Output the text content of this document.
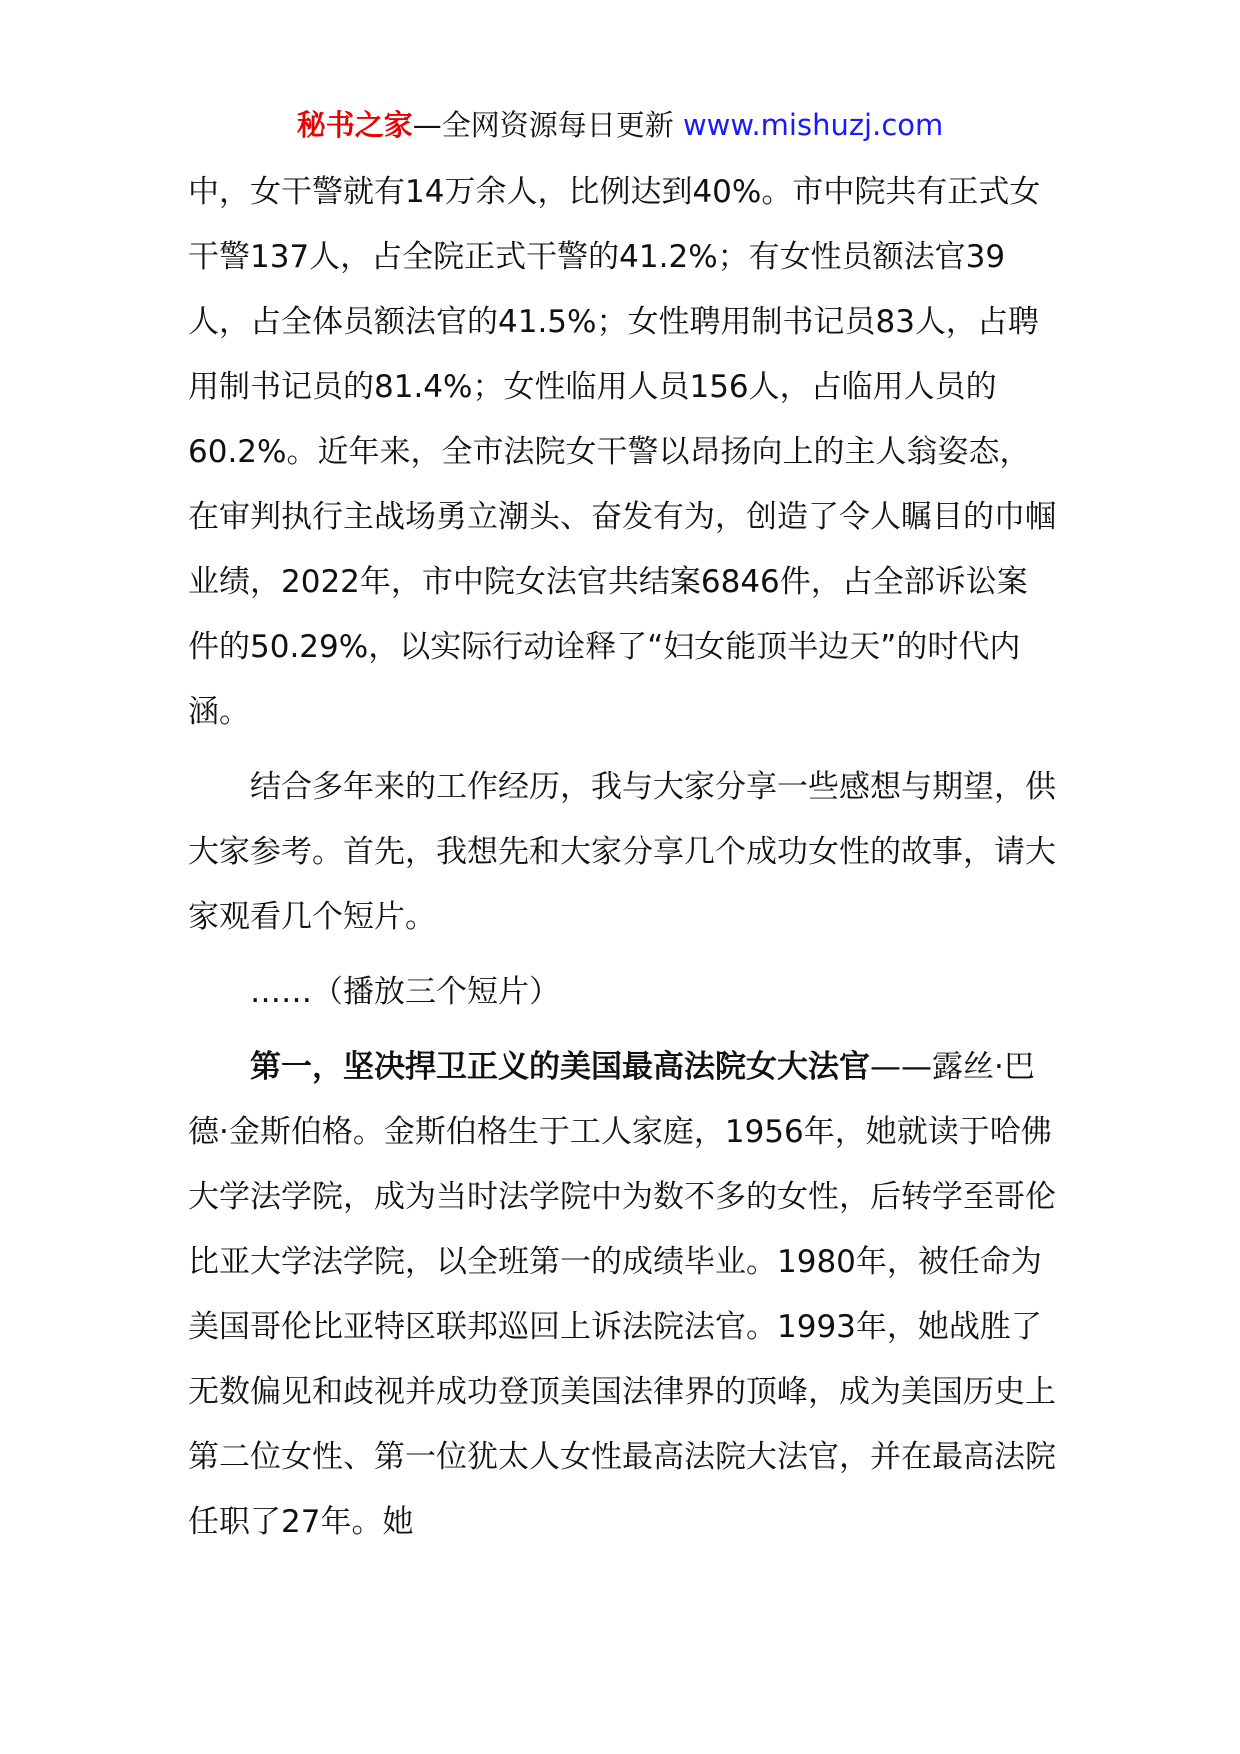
秘书之家—全网资源每日更新 www.mishuzj.com

中，女干警就有14万余人，比例达到40%。市中院共有正式女干警137人，占全院正式干警的41.2%；有女性员额法官39人，占全体员额法官的41.5%；女性聘用制书记员83人，占聘用制书记员的81.4%；女性临用人员156人，占临用人员的60.2%。近年来，全市法院女干警以昂扬向上的主人翁姿态，在审判执行主战场勇立潮头、奋发有为，创造了令人瞩目的巾帼业绩，2022年，市中院女法官共结案6846件，占全部诉讼案件的50.29%，以实际行动诠释了“妇女能顶半边天”的时代内涵。

结合多年来的工作经历，我与大家分享一些感想与期望，供大家参考。首先，我想先和大家分享几个成功女性的故事，请大家观看几个短片。

……（播放三个短片）

第一，坚决捍卫正义的美国最高法院女大法官——露丝·巴德·金斯伯格。金斯伯格生于工人家庭，1956年，她就读于哈佛大学法学院，成为当时法学院中为数不多的女性，后转学至哥伦比亚大学法学院，以全班第一的成绩毕业。1980年，被任命为美国哥伦比亚特区联邦巡回上诉法院法官。1993年，她战胜了无数偏见和歧视并成功登顶美国法律界的顶峰，成为美国历史上第二位女性、第一位犹太人女性最高法院大法官，并在最高法院任职了27年。她
